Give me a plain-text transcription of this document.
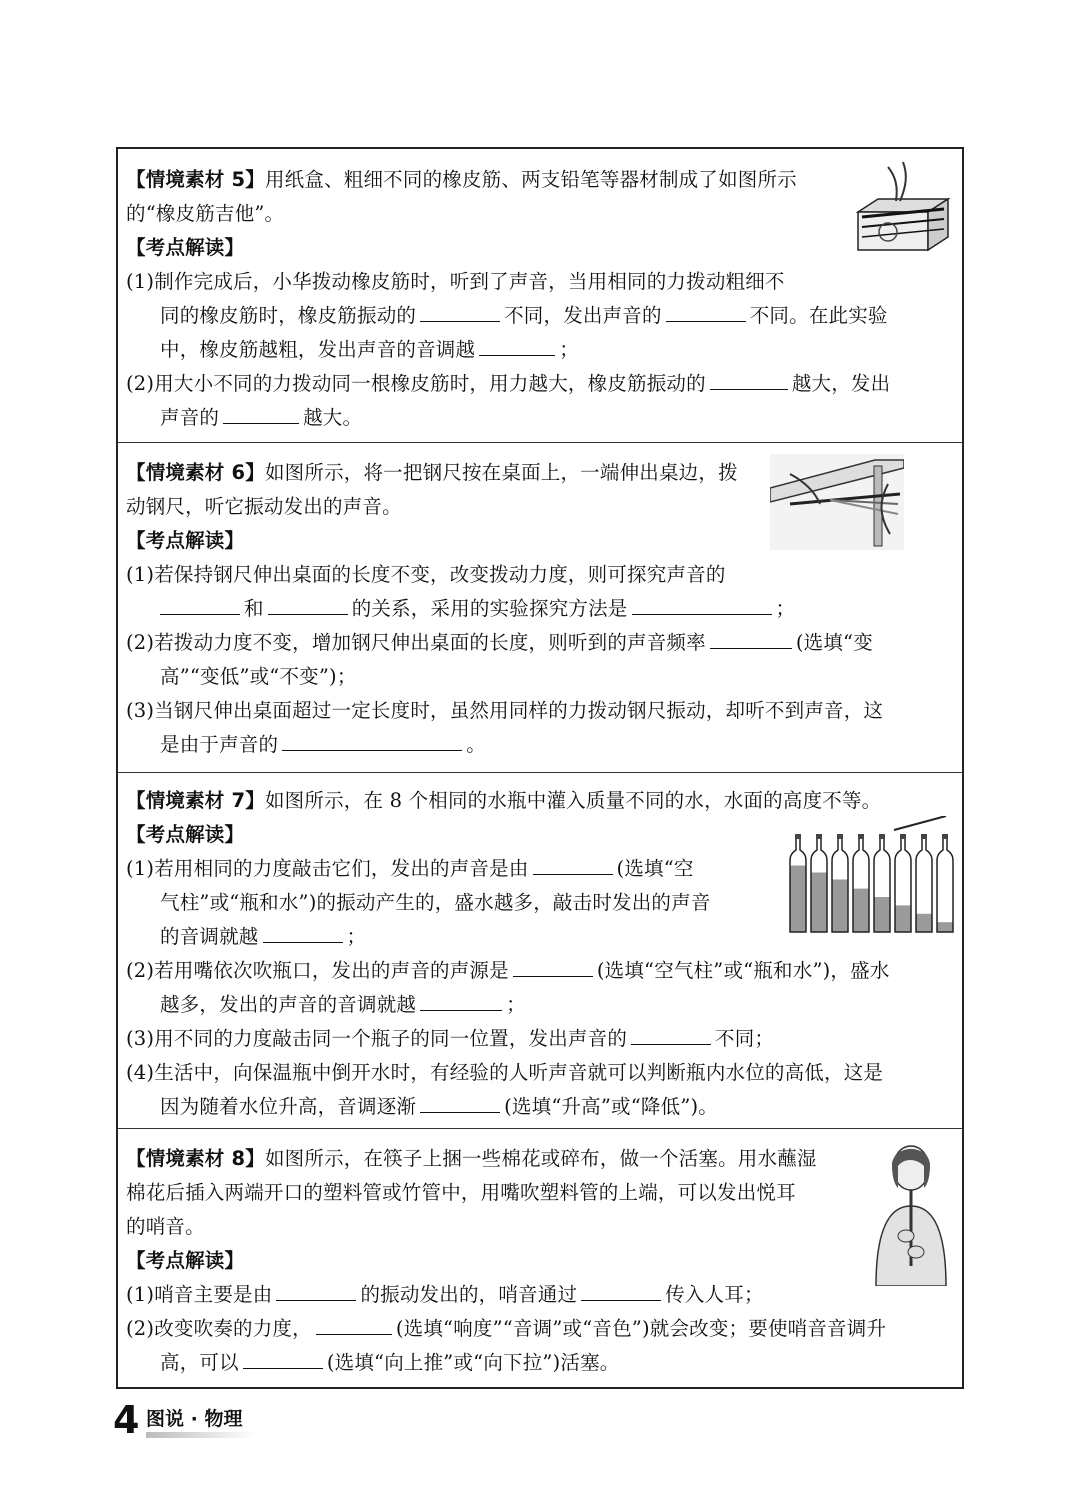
【情境素材 5】用纸盒、粗细不同的橡皮筋、两支铅笔等器材制成了如图所示
的“橡皮筋吉他”。
【考点解读】
(1)制作完成后，小华拨动橡皮筋时，听到了声音，当用相同的力拨动粗细不
同的橡皮筋时，橡皮筋振动的	不同，发出声音的	不同。在此实验
中，橡皮筋越粗，发出声音的音调越	；
(2)用大小不同的力拨动同一根橡皮筋时，用力越大，橡皮筋振动的	越大，发出
声音的	越大。
【情境素材 6】如图所示，将一把钢尺按在桌面上，一端伸出桌边，拨
动钢尺，听它振动发出的声音。
【考点解读】
(1)若保持钢尺伸出桌面的长度不变，改变拨动力度，则可探究声音的
和	的关系，采用的实验探究方法是	；
(2)若拨动力度不变，增加钢尺伸出桌面的长度，则听到的声音频率	(选填“变
高”“变低”或“不变”)；
(3)当钢尺伸出桌面超过一定长度时，虽然用同样的力拨动钢尺振动，却听不到声音，这
是由于声音的	。
【情境素材 7】如图所示，在 8 个相同的水瓶中灌入质量不同的水，水面的高度不等。
【考点解读】
(1)若用相同的力度敲击它们，发出的声音是由	(选填“空
气柱”或“瓶和水”)的振动产生的，盛水越多，敲击时发出的声音
的音调就越	；
(2)若用嘴依次吹瓶口，发出的声音的声源是	(选填“空气柱”或“瓶和水”)，盛水
越多，发出的声音的音调就越	；
(3)用不同的力度敲击同一个瓶子的同一位置，发出声音的	不同；
(4)生活中，向保温瓶中倒开水时，有经验的人听声音就可以判断瓶内水位的高低，这是
因为随着水位升高，音调逐渐	(选填“升高”或“降低”)。
【情境素材 8】如图所示，在筷子上捆一些棉花或碎布，做一个活塞。用水蘸湿
棉花后插入两端开口的塑料管或竹管中，用嘴吹塑料管的上端，可以发出悦耳
的哨音。
【考点解读】
(1)哨音主要是由	的振动发出的，哨音通过	传入人耳；
(2)改变吹奏的力度，	(选填“响度”“音调”或“音色”)就会改变；要使哨音音调升
高，可以	(选填“向上推”或“向下拉”)活塞。
4 图说 · 物理
